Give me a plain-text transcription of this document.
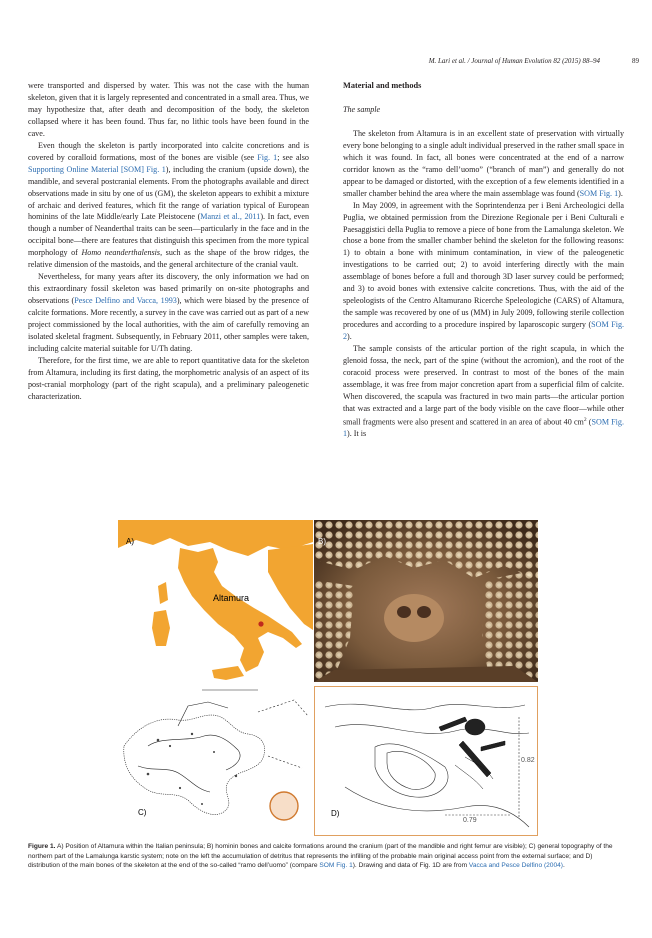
M. Lari et al. / Journal of Human Evolution 82 (2015) 88–94	89

were transported and dispersed by water. This was not the case with the human skeleton, given that it is largely represented and concentrated in a small area. Thus, we may hypothesize that, after death and decomposition of the body, the skeleton collapsed where it has been found. Thus far, no lithic tools have been found in the cave.

Even though the skeleton is partly incorporated into calcite concretions and is covered by coralloid formations, most of the bones are visible (see Fig. 1; see also Supporting Online Material [SOM] Fig. 1), including the cranium (upside down), the mandible, and several postcranial elements. From the photographs available and direct observations made in situ by one of us (GM), the skeleton appears to exhibit a mixture of archaic and derived features, which fit the range of variation typical of European hominins of the late Middle/early Late Pleistocene (Manzi et al., 2011). In fact, even though a number of Neanderthal traits can be seen—particularly in the face and in the occipital bone—there are features that distinguish this specimen from the more typical morphology of Homo neanderthalensis, such as the shape of the brow ridges, the relative dimension of the mastoids, and the general architecture of the cranial vault.

Nevertheless, for many years after its discovery, the only information we had on this extraordinary fossil skeleton was based primarily on on-site photographs and observations (Pesce Delfino and Vacca, 1993), which were biased by the presence of calcite formations. More recently, a survey in the cave was carried out as part of a new project commissioned by the local authorities, with the aim of carefully removing an isolated skeletal fragment. Subsequently, in February 2011, other samples were taken, including calcite material suitable for U/Th dating.

Therefore, for the first time, we are able to report quantitative data for the skeleton from Altamura, including its first dating, the morphometric analysis of an aspect of its post-cranial morphology (part of the right scapula), and a preliminary paleogenetic characterization.

Material and methods
The sample

The skeleton from Altamura is in an excellent state of preservation with virtually every bone belonging to a single adult individual preserved in the rather small space in which it was found. In fact, all bones were concentrated at the end of a narrow corridor known as the “ramo dell’uomo” (“branch of man”) and generally do not appear to be damaged or distorted, with the exception of a few elements identified in a smaller chamber behind the area where the main assemblage was found (SOM Fig. 1).

In May 2009, in agreement with the Soprintendenza per i Beni Archeologici della Puglia, we obtained permission from the Direzione Regionale per i Beni Culturali e Paesaggistici della Puglia to remove a piece of bone from the Lamalunga skeleton. We chose a bone from the smaller chamber behind the skeleton for the following reasons: 1) to obtain a bone with minimum contamination, in view of the paleogenetic investigations to be carried out; 2) to avoid interfering directly with the main assemblage of bones before a full and thorough 3D laser survey could be performed; and 3) to avoid bones with extensive calcite concretions. Thus, with the aid of the speleologists of the Centro Altamurano Ricerche Speleologiche (CARS) of Altamura, the sample was recovered by one of us (MM) in July 2009, following sterile collection procedures and according to a procedure inspired by laparoscopic surgery (SOM Fig. 2).

The sample consists of the articular portion of the right scapula, in which the glenoid fossa, the neck, part of the spine (without the acromion), and the root of the coracoid process were preserved. In contrast to most of the bones of the main assemblage, it was free from major concretion apart from a superficial film of calcite. When discovered, the scapula was fractured in two main parts—the articular portion that was extracted and a large part of the body visible on the cave floor—while other small fragments were also present and scattered in an area of about 40 $cm^2$ (SOM Fig. 1). It is

A)
Altamura
B)
C)	D)
0.82
0.79
Figure 1. A) Position of Altamura within the Italian peninsula; B) hominin bones and calcite formations around the cranium (part of the mandible and right femur are visible); C) general topography of the northern part of the Lamalunga karstic system; note on the left the accumulation of detritus that represents the infilling of the probable main original access point from the external surface; and D) distribution of the main bones of the skeleton at the end of the so-called “ramo dell’uomo” (compare SOM Fig. 1). Drawing and data of Fig. 1D are from Vacca and Pesce Delfino (2004).
